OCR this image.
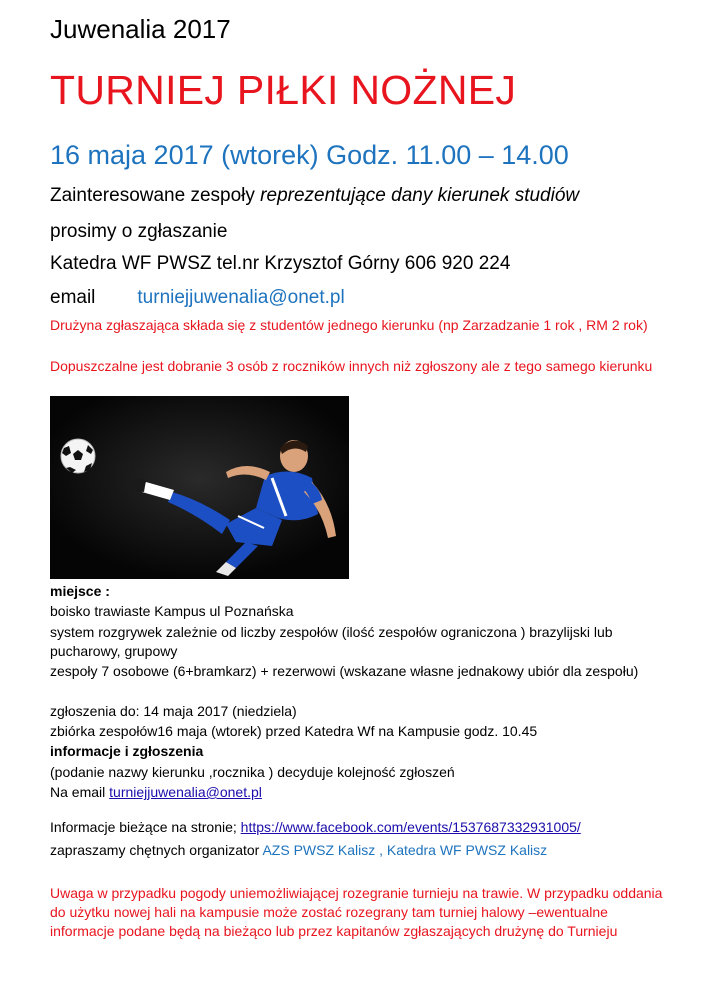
Juwenalia 2017
TURNIEJ PIŁKI NOŻNEJ
16 maja 2017 (wtorek) Godz. 11.00 – 14.00
Zainteresowane zespoły reprezentujące dany kierunek studiów
prosimy o zgłaszanie
Katedra WF PWSZ tel.nr Krzysztof Górny 606 920 224
email turniejjuwenalia@onet.pl
Drużyna zgłaszająca składa się z studentów jednego kierunku (np Zarzadzanie 1 rok , RM 2 rok)
Dopuszczalne jest dobranie 3 osób z roczników innych niż zgłoszony ale z tego samego kierunku
miejsce :
boisko trawiaste Kampus ul Poznańska
system rozgrywek zależnie od liczby zespołów (ilość zespołów ograniczona ) brazylijski lub pucharowy, grupowy
zespoły 7 osobowe (6+bramkarz) + rezerwowi (wskazane własne jednakowy ubiór dla zespołu)
zgłoszenia do: 14 maja 2017 (niedziela)
zbiórka zespołów16 maja (wtorek) przed Katedra Wf na Kampusie godz. 10.45
informacje i zgłoszenia
(podanie nazwy kierunku ,rocznika ) decyduje kolejność zgłoszeń
Na email turniejjuwenalia@onet.pl
Informacje bieżące na stronie; https://www.facebook.com/events/1537687332931005/
zapraszamy chętnych organizator AZS PWSZ Kalisz , Katedra WF PWSZ Kalisz
Uwaga w przypadku pogody uniemożliwiającej rozegranie turnieju na trawie. W przypadku oddania do użytku nowej hali na kampusie może zostać rozegrany tam turniej halowy –ewentualne informacje podane będą na bieżąco lub przez kapitanów zgłaszających drużynę do Turnieju
